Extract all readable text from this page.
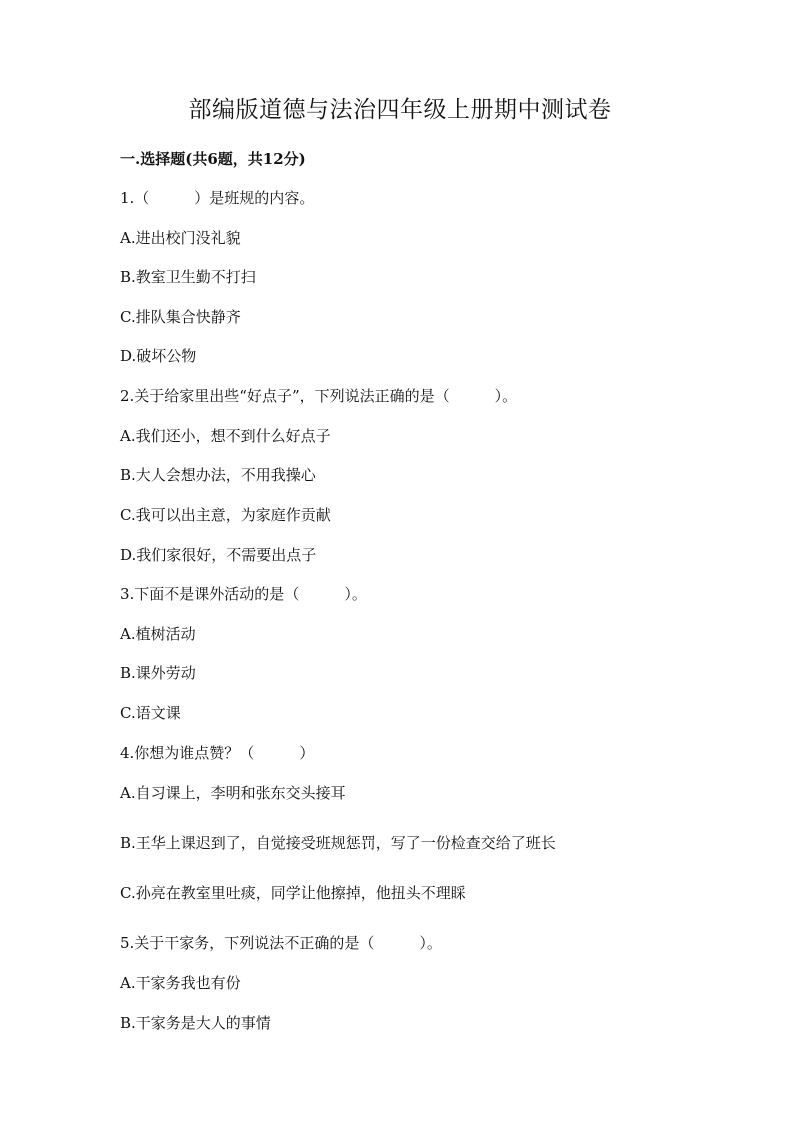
部编版道德与法治四年级上册期中测试卷
一.选择题(共6题，共12分)
1.（　　　）是班规的内容。
A.进出校门没礼貌
B.教室卫生勤不打扫
C.排队集合快静齐
D.破坏公物
2.关于给家里出些“好点子”，下列说法正确的是（　　　）。
A.我们还小，想不到什么好点子
B.大人会想办法，不用我操心
C.我可以出主意，为家庭作贡献
D.我们家很好，不需要出点子
3.下面不是课外活动的是（　　　）。
A.植树活动
B.课外劳动
C.语文课
4.你想为谁点赞？（　　　）
A.自习课上，李明和张东交头接耳
B.王华上课迟到了，自觉接受班规惩罚，写了一份检查交给了班长
C.孙亮在教室里吐痰，同学让他擦掉，他扭头不理睬
5.关于干家务，下列说法不正确的是（　　　）。
A.干家务我也有份
B.干家务是大人的事情
